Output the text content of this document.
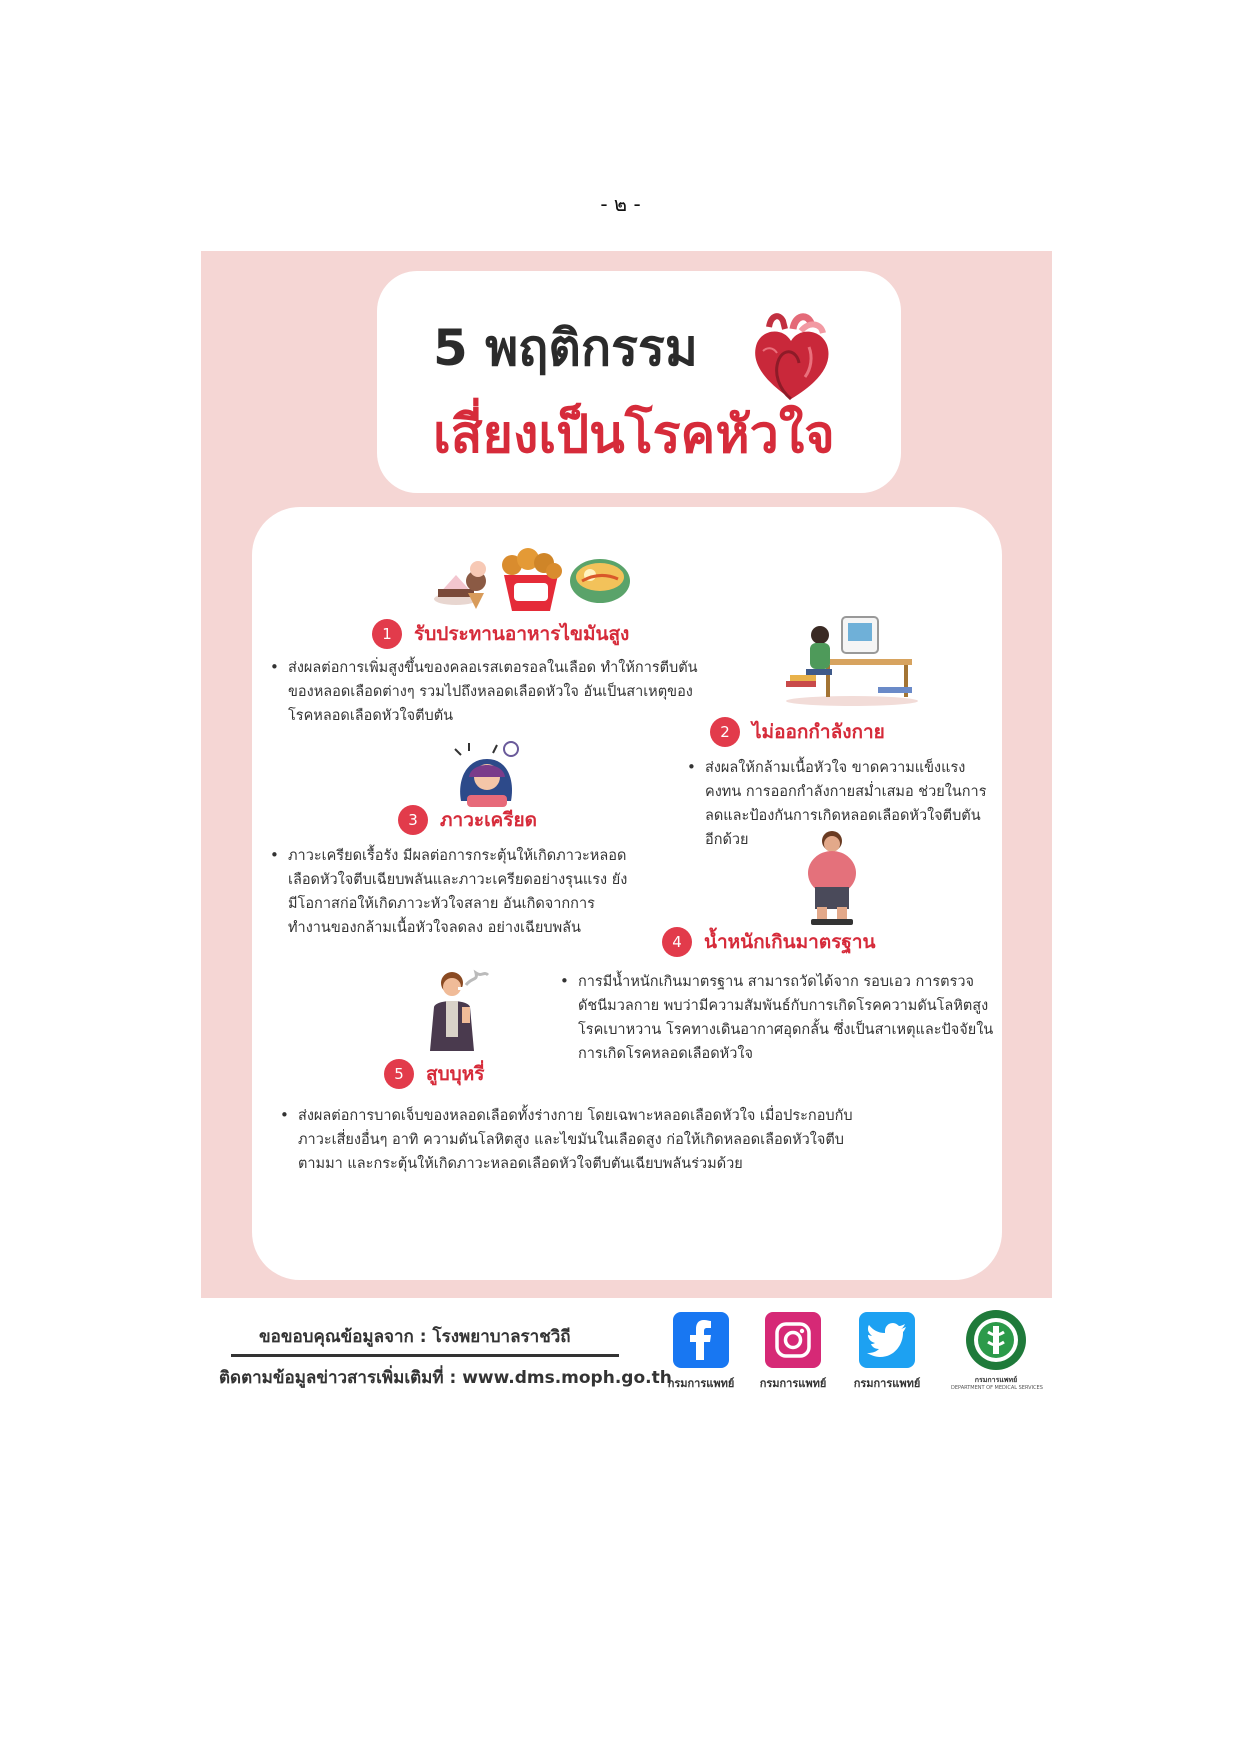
- ๒ -
5 พฤติกรรม
เสี่ยงเป็นโรคหัวใจ
1	รับประทานอาหารไขมันสูง
• ส่งผลต่อการเพิ่มสูงขึ้นของคลอเรสเตอรอลในเลือด ทำให้การตีบตันของหลอดเลือดต่างๆ รวมไปถึงหลอดเลือดหัวใจ อันเป็นสาเหตุของโรคหลอดเลือดหัวใจตีบตัน
2	ไม่ออกกำลังกาย
• ส่งผลให้กล้ามเนื้อหัวใจ ขาดความแข็งแรง คงทน การออกกำลังกายสม่ำเสมอ ช่วยในการลดและป้องกันการเกิดหลอดเลือดหัวใจตีบตันอีกด้วย
3	ภาวะเครียด
• ภาวะเครียดเรื้อรัง มีผลต่อการกระตุ้นให้เกิดภาวะหลอดเลือดหัวใจตีบเฉียบพลันและภาวะเครียดอย่างรุนแรง ยังมีโอกาสก่อให้เกิดภาวะหัวใจสลาย อันเกิดจากการทำงานของกล้ามเนื้อหัวใจลดลง อย่างเฉียบพลัน
4	น้ำหนักเกินมาตรฐาน
• การมีน้ำหนักเกินมาตรฐาน สามารถวัดได้จาก รอบเอว การตรวจดัชนีมวลกาย พบว่ามีความสัมพันธ์กับการเกิดโรคความดันโลหิตสูง โรคเบาหวาน โรคทางเดินอากาศอุดกลั้น ซึ่งเป็นสาเหตุและปัจจัยในการเกิดโรคหลอดเลือดหัวใจ
5	สูบบุหรี่
• ส่งผลต่อการบาดเจ็บของหลอดเลือดทั้งร่างกาย โดยเฉพาะหลอดเลือดหัวใจ เมื่อประกอบกับภาวะเสี่ยงอื่นๆ อาทิ ความดันโลหิตสูง และไขมันในเลือดสูง ก่อให้เกิดหลอดเลือดหัวใจตีบตามมา และกระตุ้นให้เกิดภาวะหลอดเลือดหัวใจตีบตันเฉียบพลันร่วมด้วย
ขอขอบคุณข้อมูลจาก : โรงพยาบาลราชวิถี
ติดตามข้อมูลข่าวสารเพิ่มเติมที่ : www.dms.moph.go.th
กรมการแพทย์	กรมการแพทย์	กรมการแพทย์	กรมการแพทย์
DEPARTMENT OF MEDICAL SERVICES
